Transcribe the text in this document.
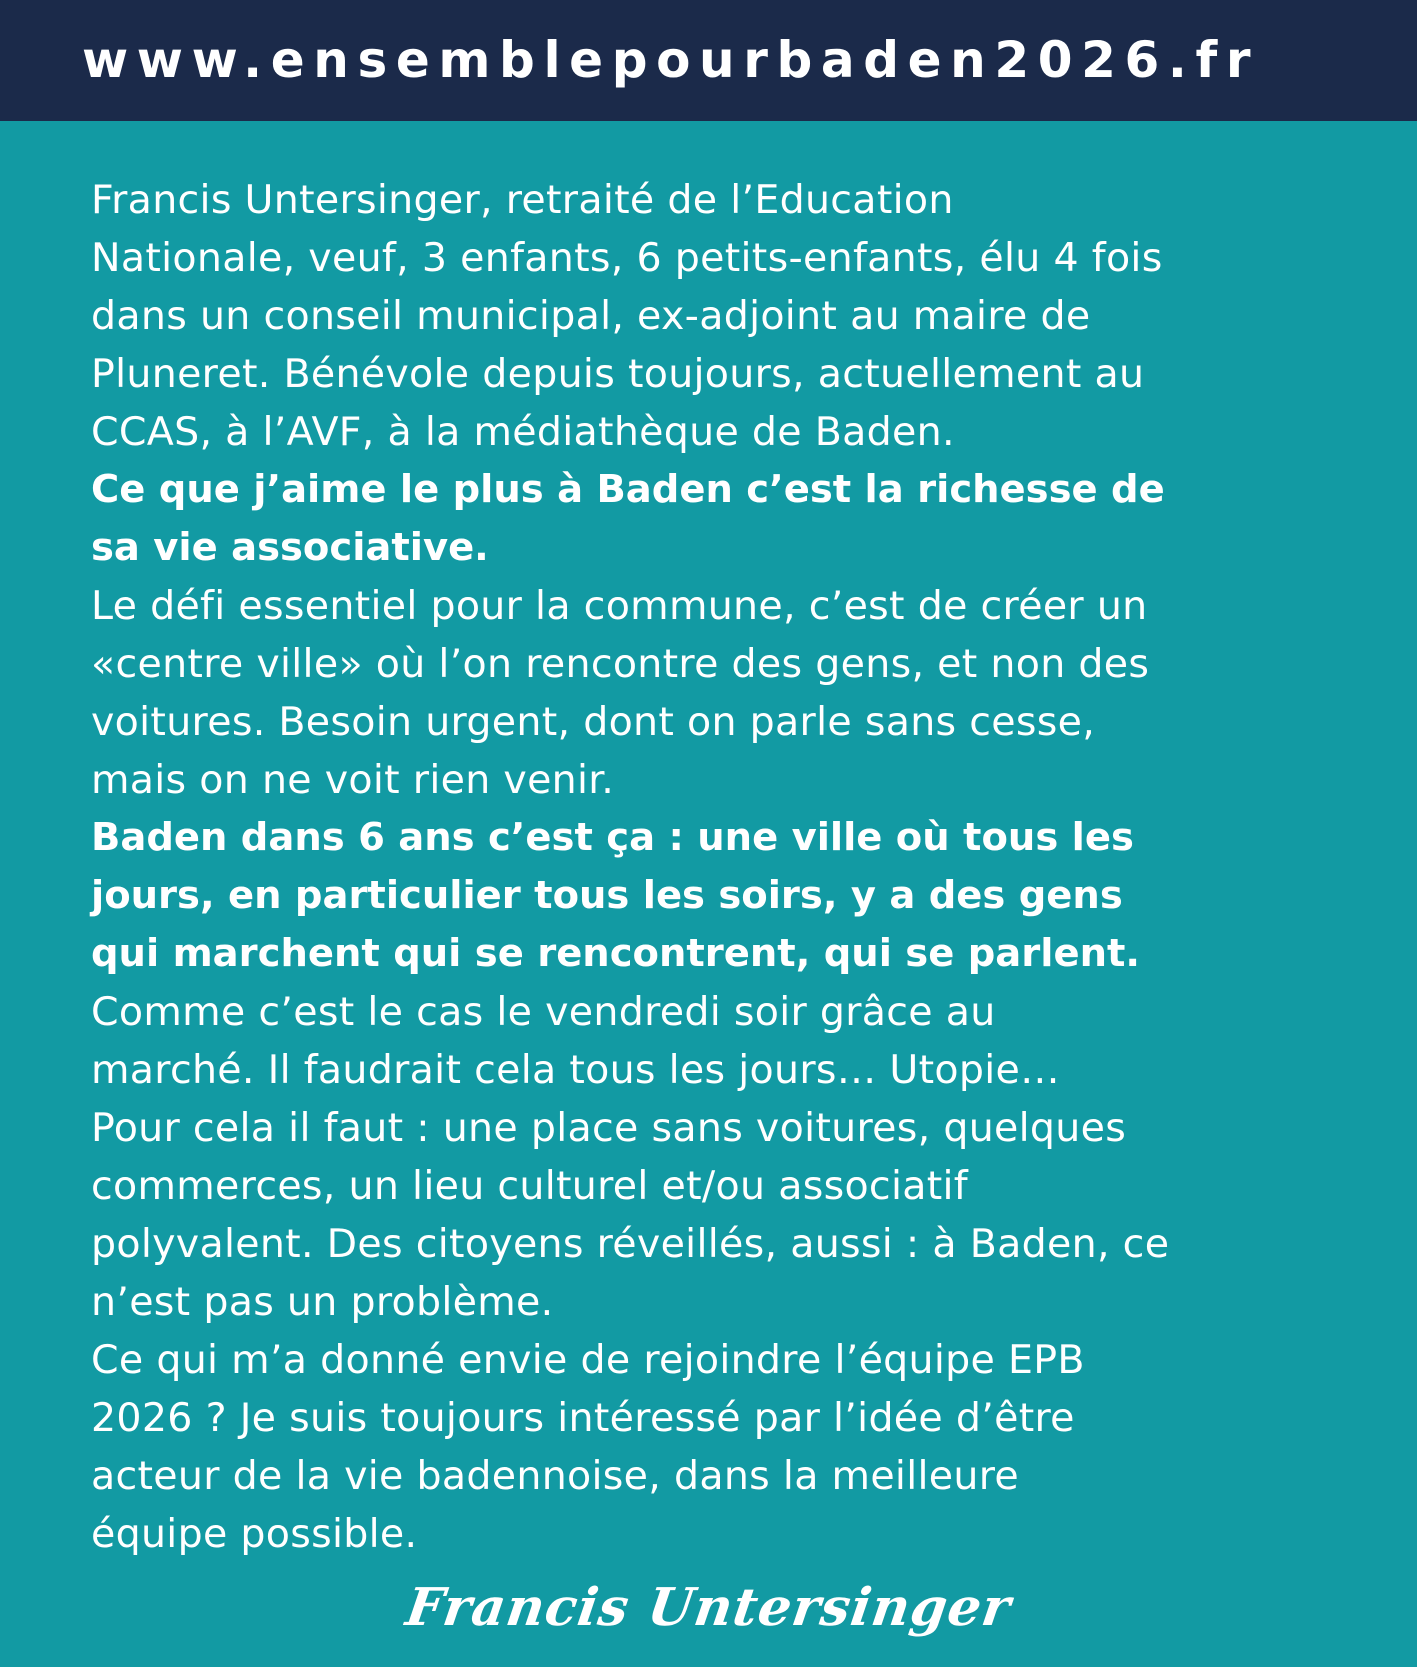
www.ensemblepourbaden2026.fr
Francis Untersinger, retraité de l’Education
Nationale, veuf, 3 enfants, 6 petits-enfants, élu 4 fois
dans un conseil municipal, ex-adjoint au maire de
Pluneret. Bénévole depuis toujours, actuellement au
CCAS, à l’AVF, à la médiathèque de Baden.
Ce que j’aime le plus à Baden c’est la richesse de
sa vie associative.
Le défi essentiel pour la commune, c’est de créer un
«centre ville» où l’on rencontre des gens, et non des
voitures. Besoin urgent, dont on parle sans cesse,
mais on ne voit rien venir.
Baden dans 6 ans c’est ça : une ville où tous les
jours, en particulier tous les soirs, y a des gens
qui marchent qui se rencontrent, qui se parlent.
Comme c’est le cas le vendredi soir grâce au
marché. Il faudrait cela tous les jours… Utopie…
Pour cela il faut : une place sans voitures, quelques
commerces, un lieu culturel et/ou associatif
polyvalent. Des citoyens réveillés, aussi : à Baden, ce
n’est pas un problème.
Ce qui m’a donné envie de rejoindre l’équipe EPB
2026 ? Je suis toujours intéressé par l’idée d’être
acteur de la vie badennoise, dans la meilleure
équipe possible.
Francis Untersinger
